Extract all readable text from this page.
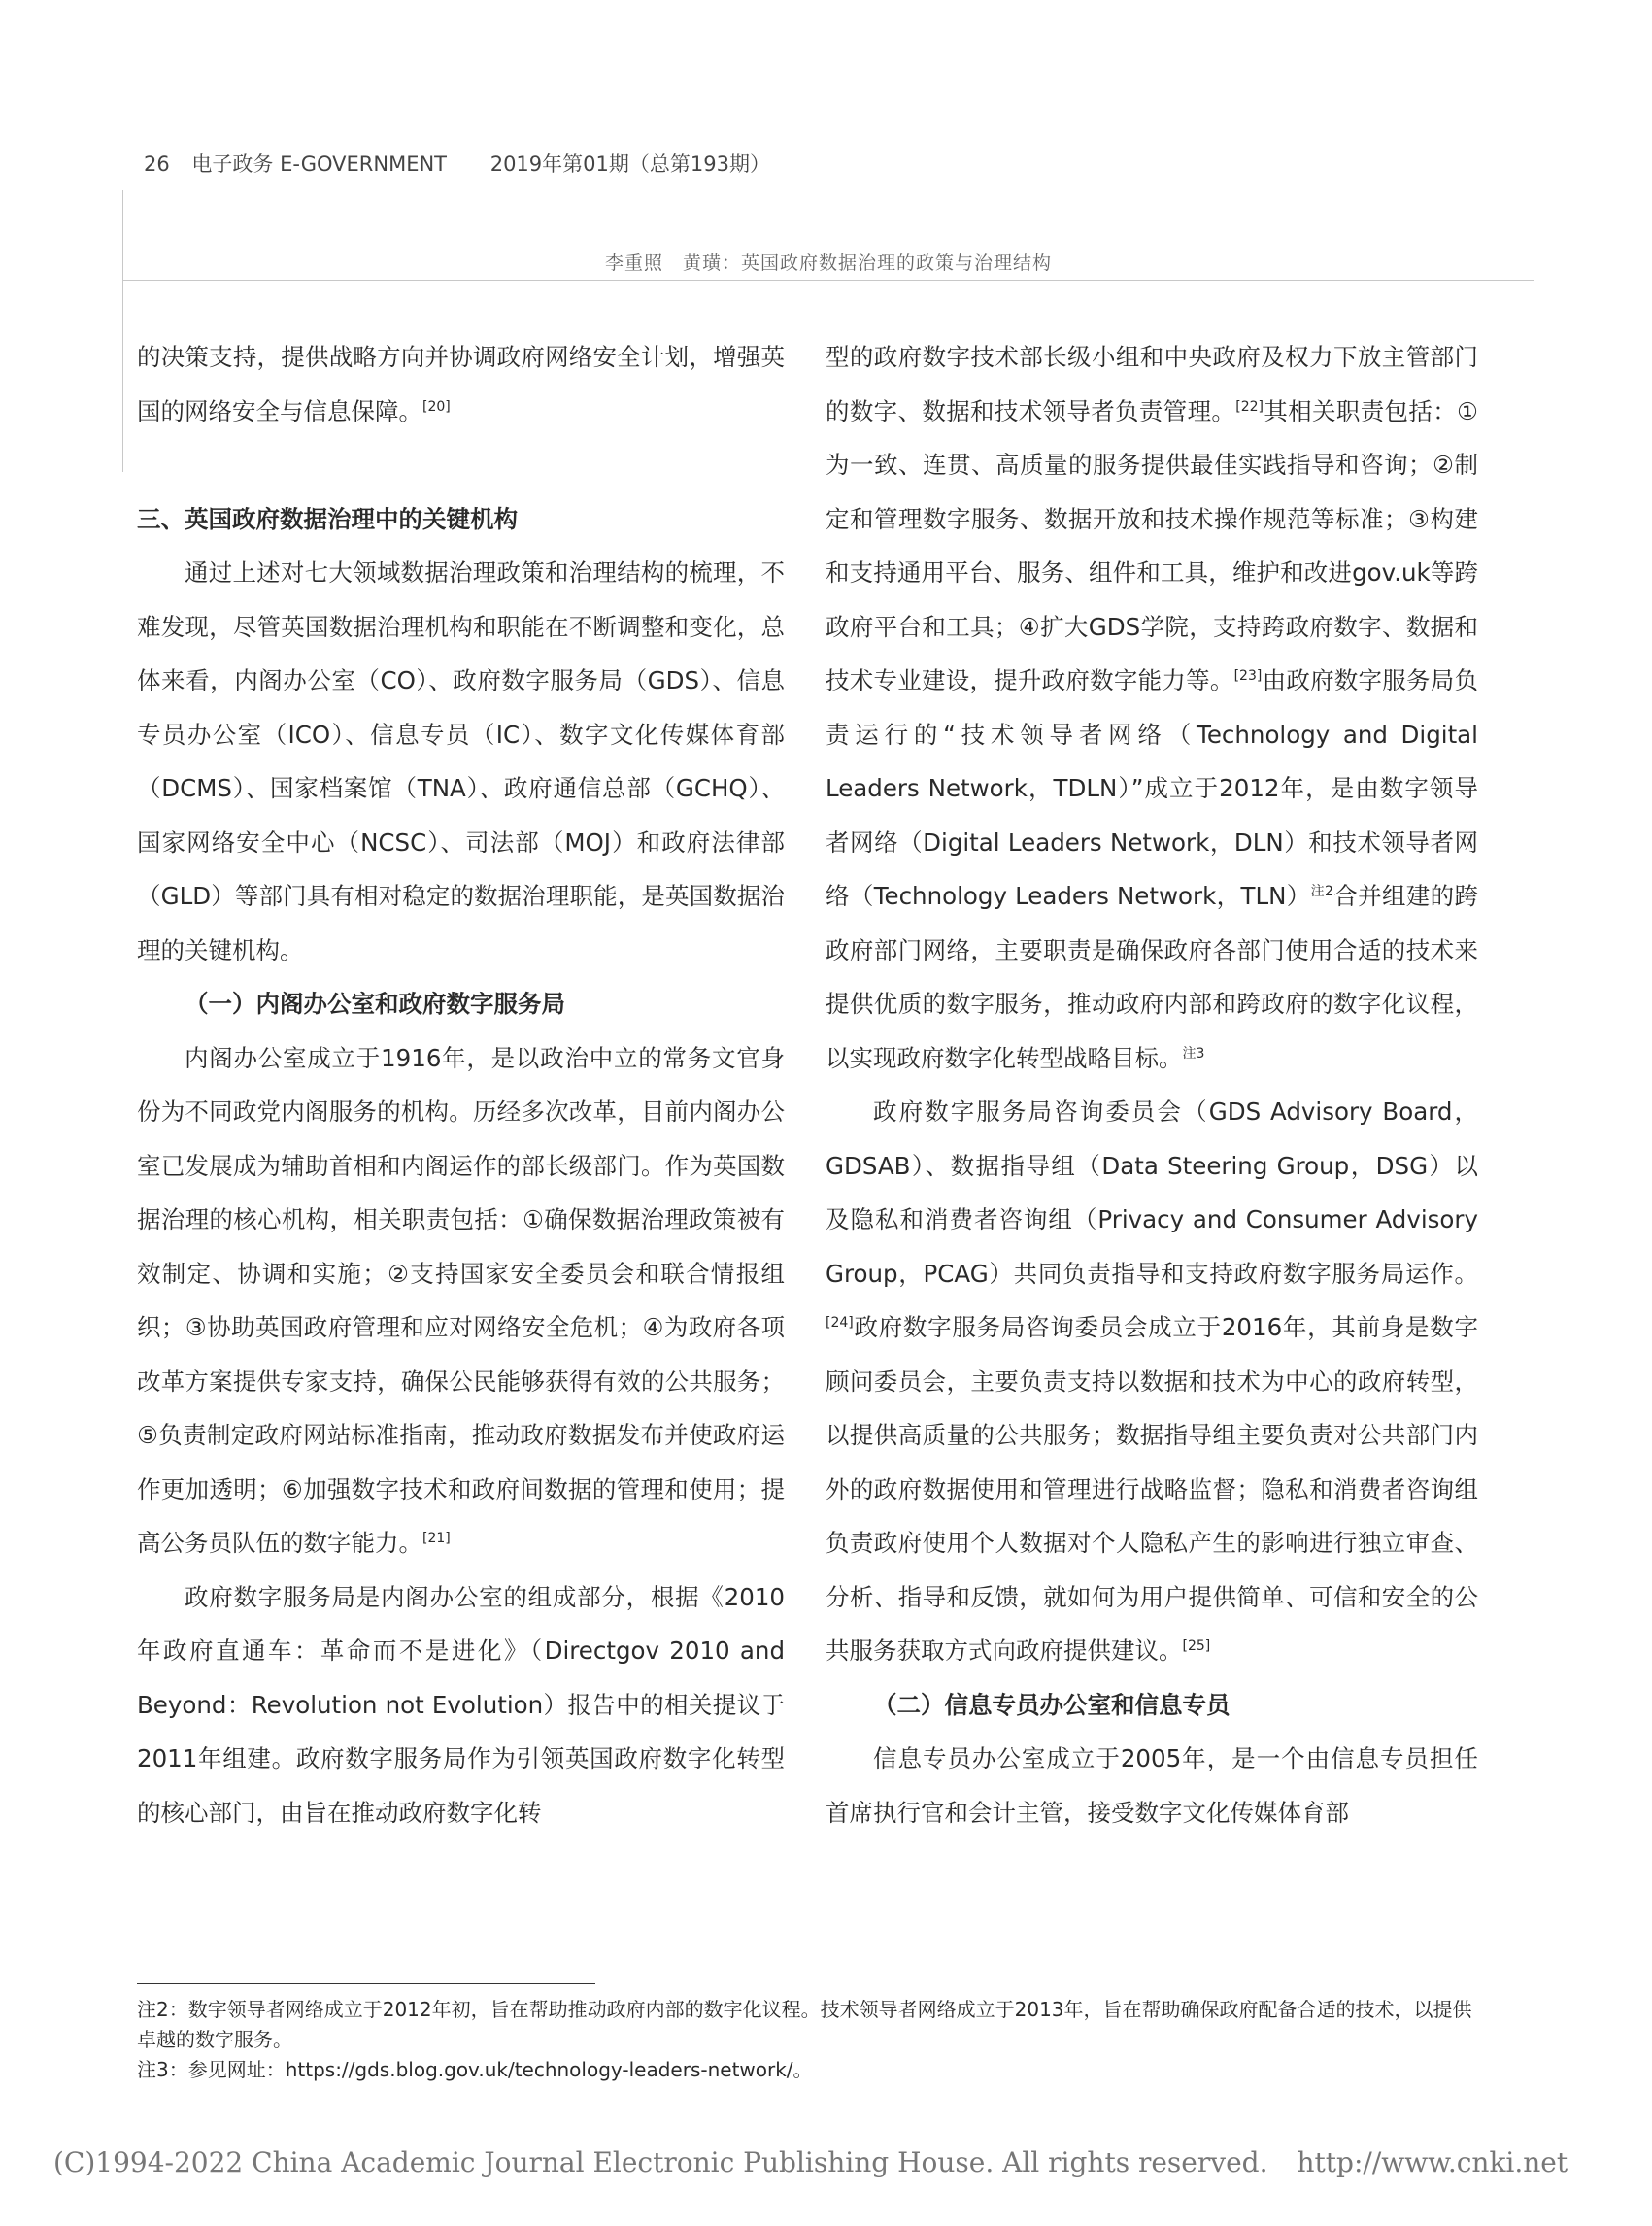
26 电子政务 E-GOVERNMENT 2019年第01期（总第193期）
李重照　黄璜：英国政府数据治理的政策与治理结构

的决策支持，提供战略方向并协调政府网络安全计划，增强英国的网络安全与信息保障。[20]

三、英国政府数据治理中的关键机构

通过上述对七大领域数据治理政策和治理结构的梳理，不难发现，尽管英国数据治理机构和职能在不断调整和变化，总体来看，内阁办公室（CO）、政府数字服务局（GDS）、信息专员办公室（ICO）、信息专员（IC）、数字文化传媒体育部（DCMS）、国家档案馆（TNA）、政府通信总部（GCHQ）、国家网络安全中心（NCSC）、司法部（MOJ）和政府法律部（GLD）等部门具有相对稳定的数据治理职能，是英国数据治理的关键机构。

（一）内阁办公室和政府数字服务局

内阁办公室成立于1916年，是以政治中立的常务文官身份为不同政党内阁服务的机构。历经多次改革，目前内阁办公室已发展成为辅助首相和内阁运作的部长级部门。作为英国数据治理的核心机构，相关职责包括：①确保数据治理政策被有效制定、协调和实施；②支持国家安全委员会和联合情报组织；③协助英国政府管理和应对网络安全危机；④为政府各项改革方案提供专家支持，确保公民能够获得有效的公共服务；⑤负责制定政府网站标准指南，推动政府数据发布并使政府运作更加透明；⑥加强数字技术和政府间数据的管理和使用；提高公务员队伍的数字能力。[21]

政府数字服务局是内阁办公室的组成部分，根据《2010年政府直通车：革命而不是进化》（Directgov 2010 and Beyond：Revolution not Evolution）报告中的相关提议于2011年组建。政府数字服务局作为引领英国政府数字化转型的核心部门，由旨在推动政府数字化转

型的政府数字技术部长级小组和中央政府及权力下放主管部门的数字、数据和技术领导者负责管理。[22]其相关职责包括：①为一致、连贯、高质量的服务提供最佳实践指导和咨询；②制定和管理数字服务、数据开放和技术操作规范等标准；③构建和支持通用平台、服务、组件和工具，维护和改进gov.uk等跨政府平台和工具；④扩大GDS学院，支持跨政府数字、数据和技术专业建设，提升政府数字能力等。[23]由政府数字服务局负责运行的“技术领导者网络（Technology and Digital Leaders Network，TDLN）”成立于2012年，是由数字领导者网络（Digital Leaders Network，DLN）和技术领导者网络（Technology Leaders Network，TLN）$^{注2}$合并组建的跨政府部门网络，主要职责是确保政府各部门使用合适的技术来提供优质的数字服务，推动政府内部和跨政府的数字化议程，以实现政府数字化转型战略目标。$^{注3}$

政府数字服务局咨询委员会（GDS Advisory Board，GDSAB）、数据指导组（Data Steering Group，DSG）以及隐私和消费者咨询组（Privacy and Consumer Advisory Group，PCAG）共同负责指导和支持政府数字服务局运作。[24]政府数字服务局咨询委员会成立于2016年，其前身是数字顾问委员会，主要负责支持以数据和技术为中心的政府转型，以提供高质量的公共服务；数据指导组主要负责对公共部门内外的政府数据使用和管理进行战略监督；隐私和消费者咨询组负责政府使用个人数据对个人隐私产生的影响进行独立审查、分析、指导和反馈，就如何为用户提供简单、可信和安全的公共服务获取方式向政府提供建议。[25]

（二）信息专员办公室和信息专员

信息专员办公室成立于2005年，是一个由信息专员担任首席执行官和会计主管，接受数字文化传媒体育部

注2：数字领导者网络成立于2012年初，旨在帮助推动政府内部的数字化议程。技术领导者网络成立于2013年，旨在帮助确保政府配备合适的技术，以提供卓越的数字服务。

注3：参见网址：https://gds.blog.gov.uk/technology-leaders-network/。

(C)1994-2022 China Academic Journal Electronic Publishing House. All rights reserved. http://www.cnki.net
